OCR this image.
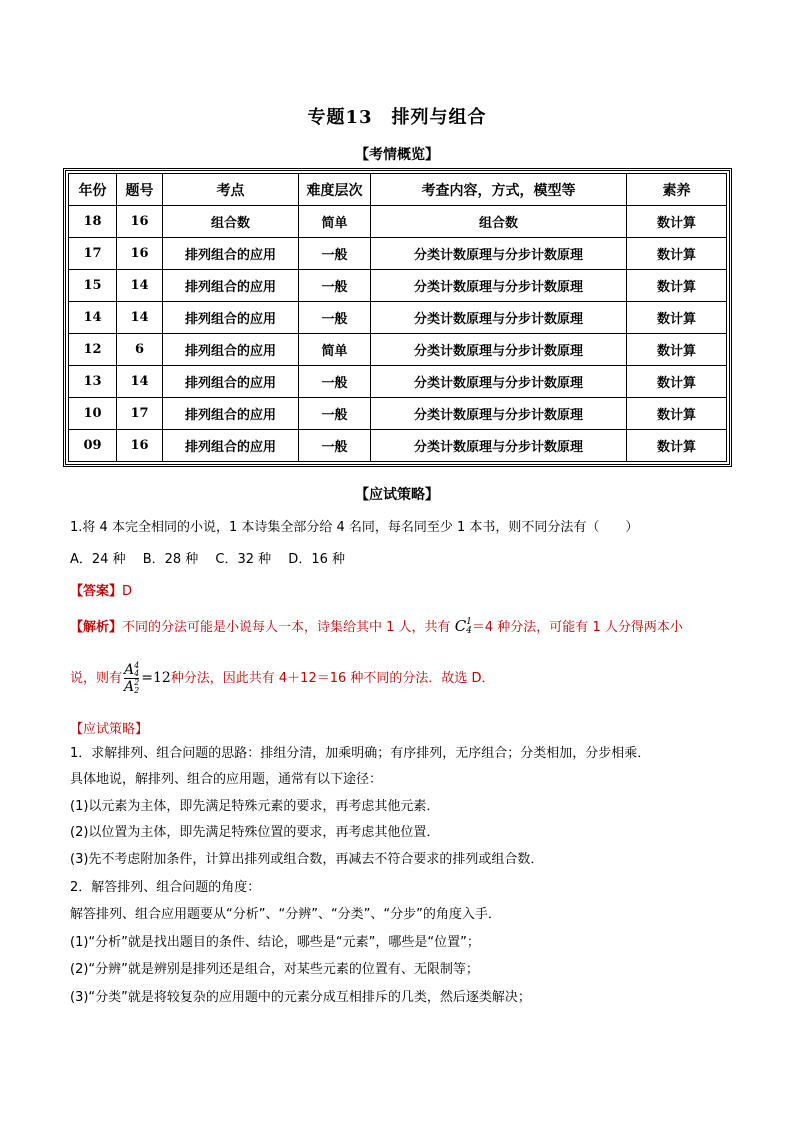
专题13　排列与组合
【考情概览】
年份	题号	考点	难度层次	考查内容，方式，模型等	素养
18	16	组合数	简单	组合数	数计算
17	16	排列组合的应用	一般	分类计数原理与分步计数原理	数计算
15	14	排列组合的应用	一般	分类计数原理与分步计数原理	数计算
14	14	排列组合的应用	一般	分类计数原理与分步计数原理	数计算
12	6	排列组合的应用	简单	分类计数原理与分步计数原理	数计算
13	14	排列组合的应用	一般	分类计数原理与分步计数原理	数计算
10	17	排列组合的应用	一般	分类计数原理与分步计数原理	数计算
09	16	排列组合的应用	一般	分类计数原理与分步计数原理	数计算
【应试策略】
1.将 4 本完全相同的小说，1 本诗集全部分给 4 名同，每名同至少 1 本书，则不同分法有（　　）
A．24 种　 B．28 种　 C．32 种　 D．16 种
【答案】D
【解析】不同的分法可能是小说每人一本，诗集给其中 1 人，共有 C 1
4 ＝4 种分法，可能有 1 人分得两本小
说，则有 A 4
4
A 2
2 =12种分法，因此共有 4＋12＝16 种不同的分法．故选 D．
【应试策略】
1．求解排列、组合问题的思路：排组分清，加乘明确；有序排列，无序组合；分类相加，分步相乘．
具体地说，解排列、组合的应用题，通常有以下途径：
(1)以元素为主体，即先满足特殊元素的要求，再考虑其他元素．
(2)以位置为主体，即先满足特殊位置的要求，再考虑其他位置．
(3)先不考虑附加条件，计算出排列或组合数，再减去不符合要求的排列或组合数．
2．解答排列、组合问题的角度：
解答排列、组合应用题要从“分析”、“分辨”、“分类”、“分步”的角度入手．
(1)“分析”就是找出题目的条件、结论，哪些是“元素”，哪些是“位置”；
(2)“分辨”就是辨别是排列还是组合，对某些元素的位置有、无限制等；
(3)“分类”就是将较复杂的应用题中的元素分成互相排斥的几类，然后逐类解决；
